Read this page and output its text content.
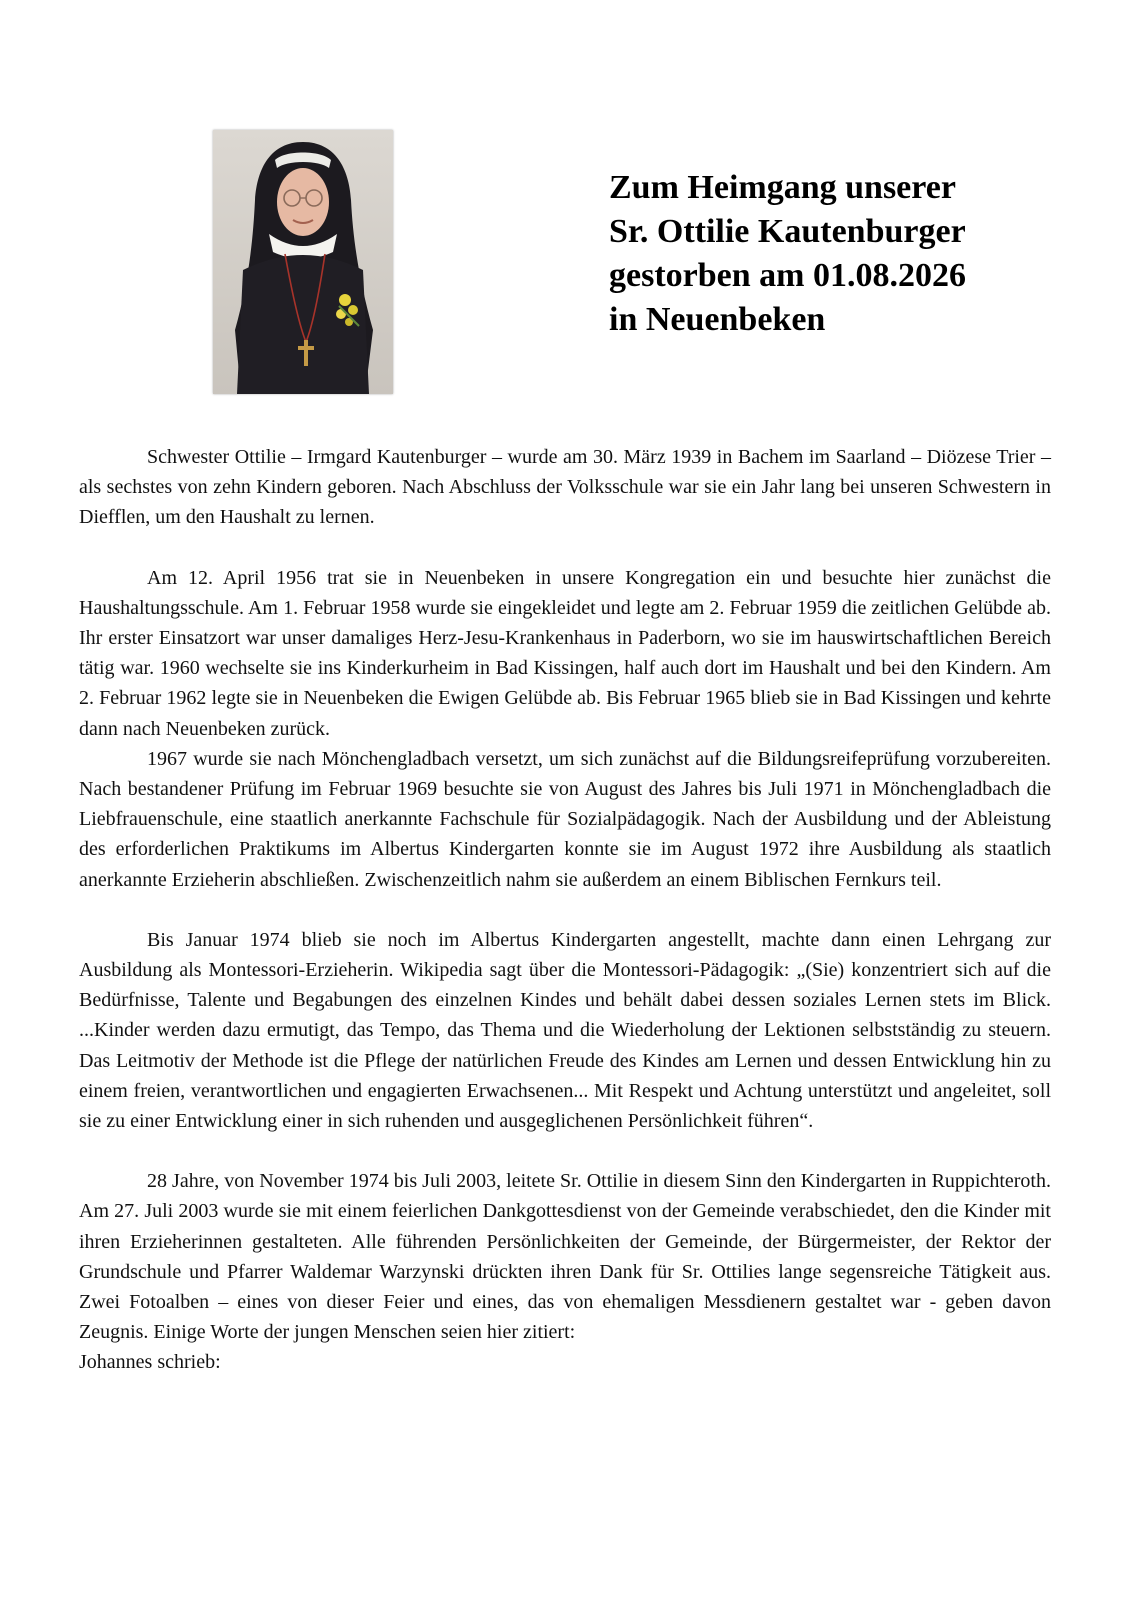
Zum Heimgang unserer
Sr. Ottilie Kautenburger
gestorben am 01.08.2026
in Neuenbeken

Schwester Ottilie – Irmgard Kautenburger – wurde am 30. März 1939 in Bachem im Saarland – Diözese Trier – als sechstes von zehn Kindern geboren. Nach Abschluss der Volksschule war sie ein Jahr lang bei unseren Schwestern in Diefflen, um den Haushalt zu lernen.

Am 12. April 1956 trat sie in Neuenbeken in unsere Kongregation ein und besuchte hier zunächst die Haushaltungsschule. Am 1. Februar 1958 wurde sie eingekleidet und legte am 2. Februar 1959 die zeitlichen Gelübde ab. Ihr erster Einsatzort war unser damaliges Herz-Jesu-Krankenhaus in Paderborn, wo sie im hauswirtschaftlichen Bereich tätig war. 1960 wechselte sie ins Kinderkurheim in Bad Kissingen, half auch dort im Haushalt und bei den Kindern. Am 2. Februar 1962 legte sie in Neuenbeken die Ewigen Gelübde ab. Bis Februar 1965 blieb sie in Bad Kissingen und kehrte dann nach Neuenbeken zurück.

1967 wurde sie nach Mönchengladbach versetzt, um sich zunächst auf die Bildungsreifeprüfung vorzubereiten. Nach bestandener Prüfung im Februar 1969 besuchte sie von August des Jahres bis Juli 1971 in Mönchengladbach die Liebfrauenschule, eine staatlich anerkannte Fachschule für Sozialpädagogik. Nach der Ausbildung und der Ableistung des erforderlichen Praktikums im Albertus Kindergarten konnte sie im August 1972 ihre Ausbildung als staatlich anerkannte Erzieherin abschließen. Zwischenzeitlich nahm sie außerdem an einem Biblischen Fernkurs teil.

Bis Januar 1974 blieb sie noch im Albertus Kindergarten angestellt, machte dann einen Lehrgang zur Ausbildung als Montessori-Erzieherin. Wikipedia sagt über die Montessori-Pädagogik: „(Sie) konzentriert sich auf die Bedürfnisse, Talente und Begabungen des einzelnen Kindes und behält dabei dessen soziales Lernen stets im Blick. ...Kinder werden dazu ermutigt, das Tempo, das Thema und die Wiederholung der Lektionen selbstständig zu steuern. Das Leitmotiv der Methode ist die Pflege der natürlichen Freude des Kindes am Lernen und dessen Entwicklung hin zu einem freien, verantwortlichen und engagierten Erwachsenen... Mit Respekt und Achtung unterstützt und angeleitet, soll sie zu einer Entwicklung einer in sich ruhenden und ausgeglichenen Persönlichkeit führen“.

28 Jahre, von November 1974 bis Juli 2003, leitete Sr. Ottilie in diesem Sinn den Kindergarten in Ruppichteroth. Am 27. Juli 2003 wurde sie mit einem feierlichen Dankgottesdienst von der Gemeinde verabschiedet, den die Kinder mit ihren Erzieherinnen gestalteten. Alle führenden Persönlichkeiten der Gemeinde, der Bürgermeister, der Rektor der Grundschule und Pfarrer Waldemar Warzynski drückten ihren Dank für Sr. Ottilies lange segensreiche Tätigkeit aus. Zwei Fotoalben – eines von dieser Feier und eines, das von ehemaligen Messdienern gestaltet war - geben davon Zeugnis. Einige Worte der jungen Menschen seien hier zitiert:

Johannes schrieb:
